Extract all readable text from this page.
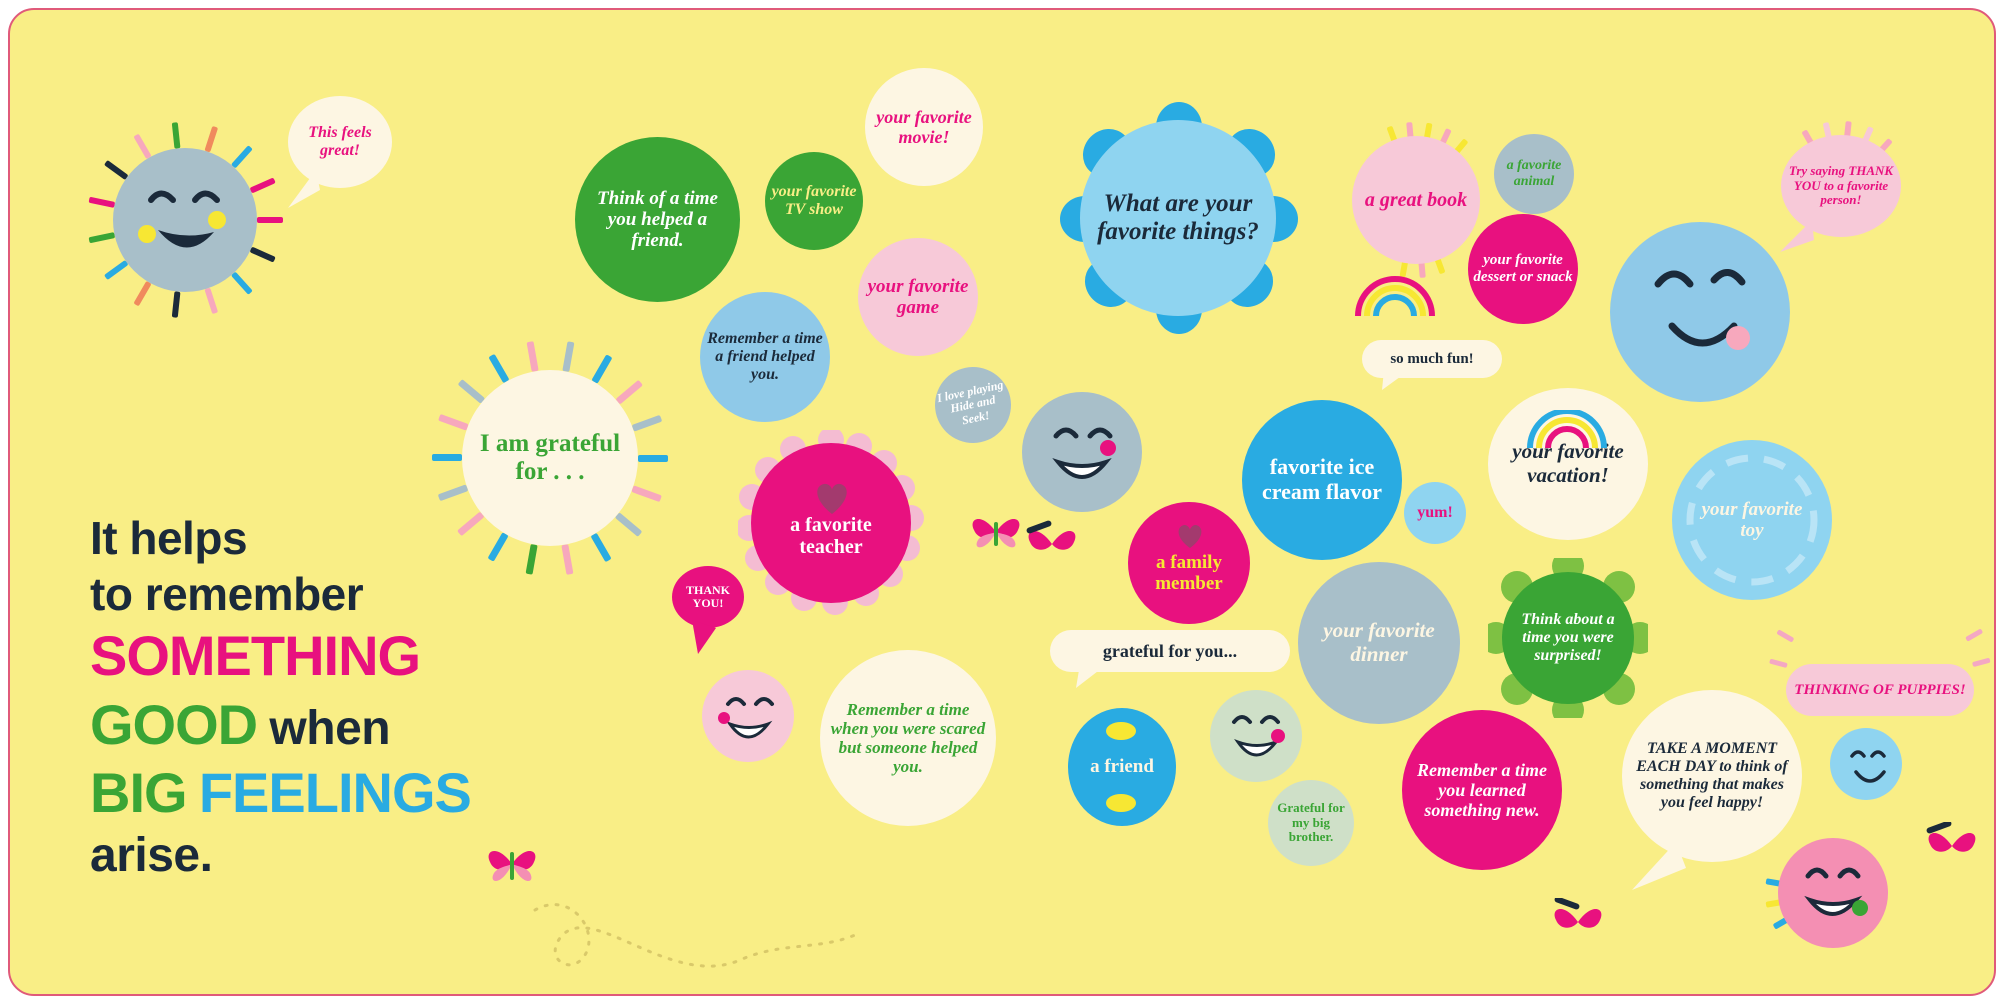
It helps
to remember
SOMETHING
GOOD when
BIG FEELINGS
arise.
This feels great!
Think of a time you helped a friend.
your favorite TV show
your favorite movie!
your favorite game
Remember a time a friend helped you.
I am grateful for . . .
What are your favorite things?
a great book
a favorite animal
your favorite dessert or snack
Try saying THANK YOU to a favorite person!
so much fun!
favorite ice cream flavor
yum!
your favorite vacation!
your favorite toy
I love playing Hide and Seek!
a favorite teacher
THANK YOU!
a family member
grateful for you...
your favorite dinner
Think about a time you were surprised!
Remember a time when you were scared but someone helped you.	a friend
Grateful for my big brother.
Remember a time you learned something new.
TAKE A MOMENT EACH DAY to think of something that makes you feel happy!
THINKING OF PUPPIES!
